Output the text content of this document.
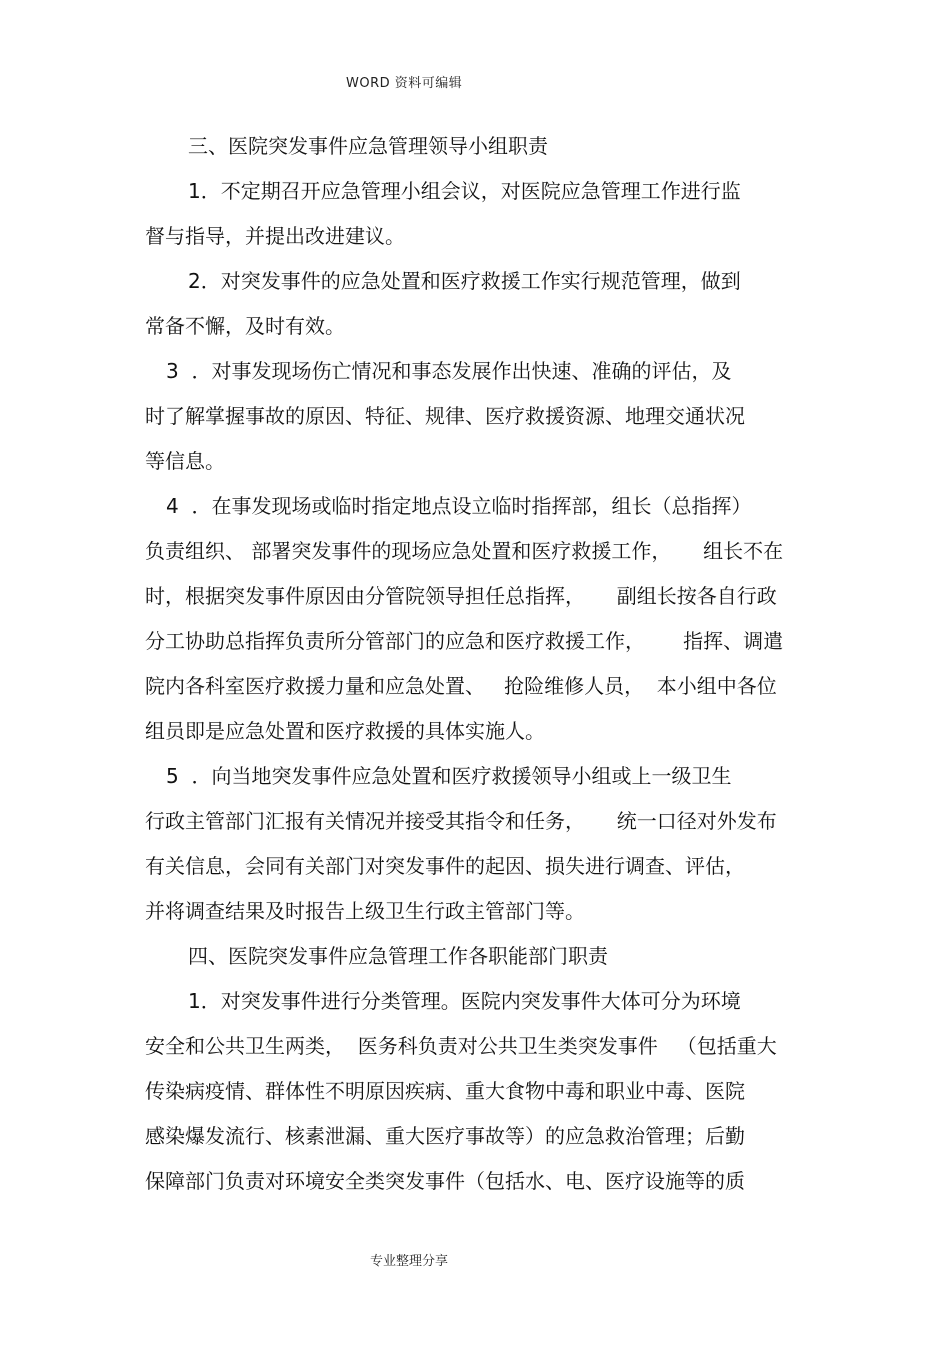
WORD 资料可编辑
三、医院突发事件应急管理领导小组职责
1．不定期召开应急管理小组会议，对医院应急管理工作进行监
督与指导，并提出改进建议。
2．对突发事件的应急处置和医疗救援工作实行规范管理，做到
常备不懈，及时有效。
3  ．对事发现场伤亡情况和事态发展作出快速、准确的评估，及
时了解掌握事故的原因、特征、规律、医疗救援资源、地理交通状况
等信息。
4  ．在事发现场或临时指定地点设立临时指挥部，组长（总指挥）
负责组织、 部署突发事件的现场应急处置和医疗救援工作，     组长不在
时，根据突发事件原因由分管院领导担任总指挥，     副组长按各自行政
分工协助总指挥负责所分管部门的应急和医疗救援工作，      指挥、调遣
院内各科室医疗救援力量和应急处置、   抢险维修人员，  本小组中各位
组员即是应急处置和医疗救援的具体实施人。
5  ．向当地突发事件应急处置和医疗救援领导小组或上一级卫生
行政主管部门汇报有关情况并接受其指令和任务，     统一口径对外发布
有关信息，会同有关部门对突发事件的起因、损失进行调查、评估，
并将调查结果及时报告上级卫生行政主管部门等。
四、医院突发事件应急管理工作各职能部门职责
1．对突发事件进行分类管理。医院内突发事件大体可分为环境
安全和公共卫生两类，  医务科负责对公共卫生类突发事件   （包括重大
传染病疫情、群体性不明原因疾病、重大食物中毒和职业中毒、医院
感染爆发流行、核素泄漏、重大医疗事故等）的应急救治管理；后勤
保障部门负责对环境安全类突发事件（包括水、电、医疗设施等的质
专业整理分享
